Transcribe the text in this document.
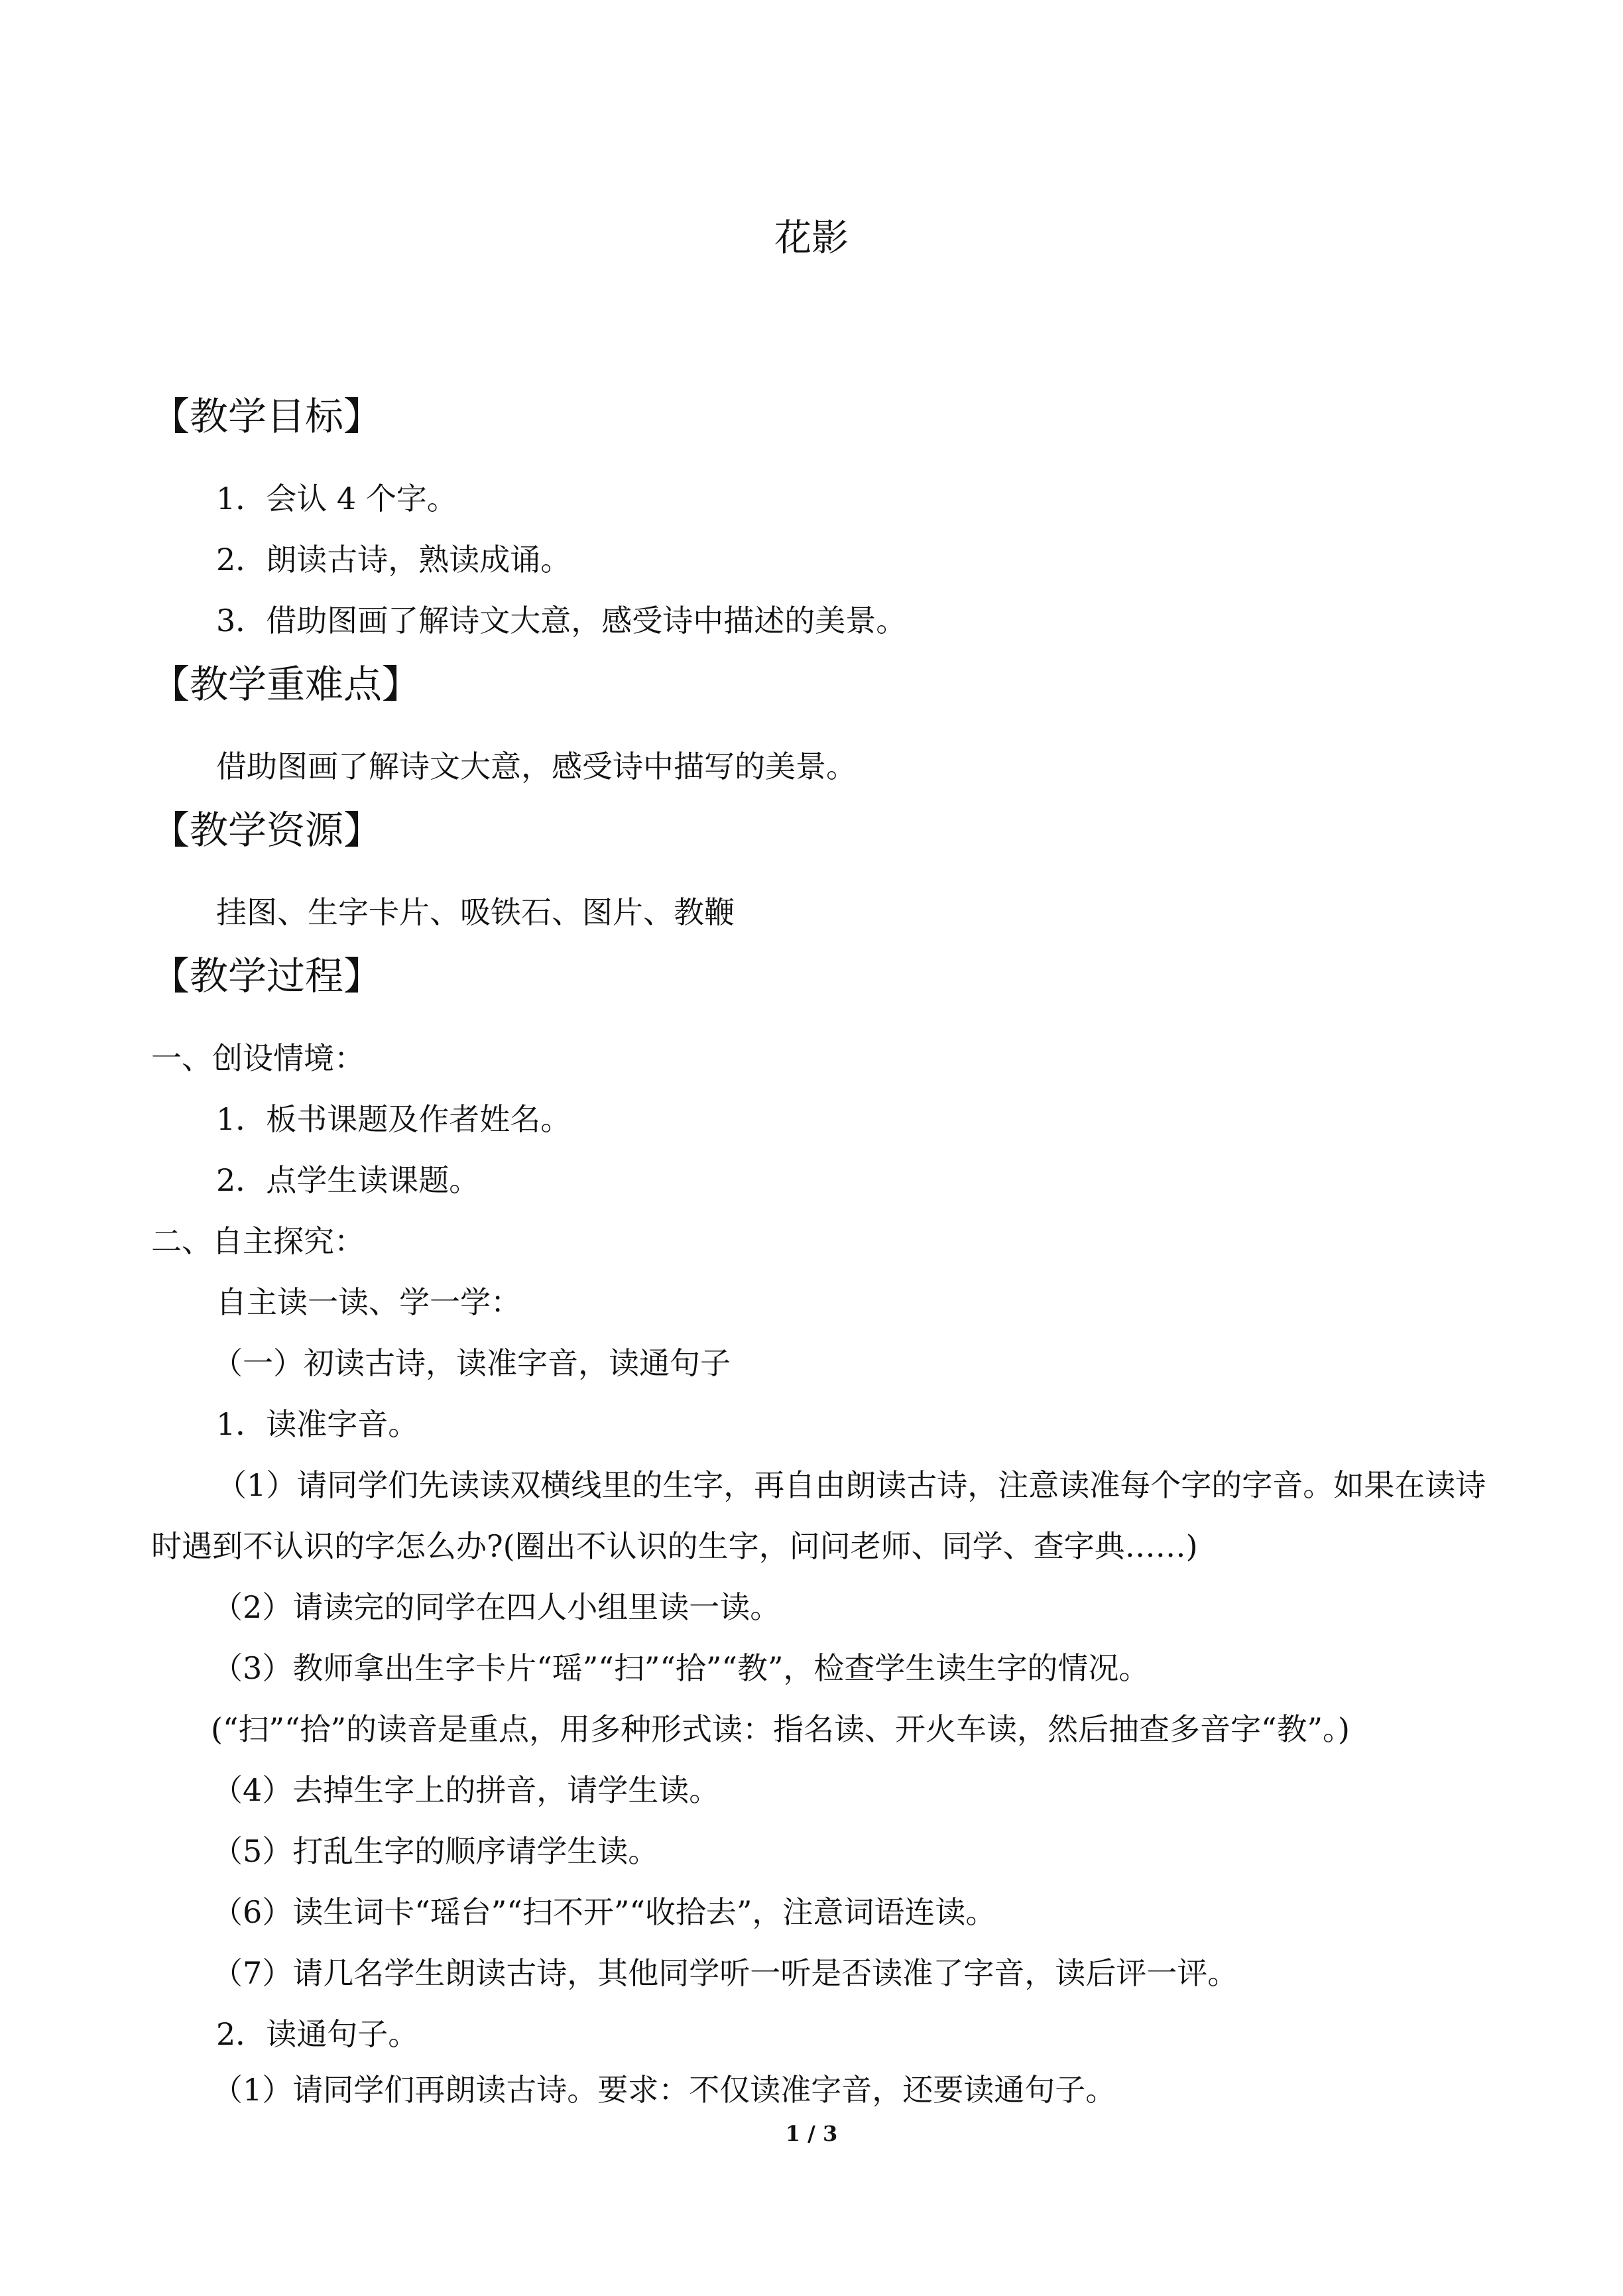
花影
【教学目标】
1．会认 4 个字。
2．朗读古诗，熟读成诵。
3．借助图画了解诗文大意，感受诗中描述的美景。
【教学重难点】
借助图画了解诗文大意，感受诗中描写的美景。
【教学资源】
挂图、生字卡片、吸铁石、图片、教鞭
【教学过程】
一、创设情境：
1．板书课题及作者姓名。
2．点学生读课题。
二、自主探究：
自主读一读、学一学：
（一）初读古诗，读准字音，读通句子
1．读准字音。
（1）请同学们先读读双横线里的生字，再自由朗读古诗，注意读准每个字的字音。如果在读诗时遇到不认识的字怎么办?(圈出不认识的生字，问问老师、同学、查字典……)
（2）请读完的同学在四人小组里读一读。
（3）教师拿出生字卡片“瑶”“扫”“拾”“教”，检查学生读生字的情况。
(“扫”“拾”的读音是重点，用多种形式读：指名读、开火车读，然后抽查多音字“教”。)
（4）去掉生字上的拼音，请学生读。
（5）打乱生字的顺序请学生读。
（6）读生词卡“瑶台”“扫不开”“收拾去”，注意词语连读。
（7）请几名学生朗读古诗，其他同学听一听是否读准了字音，读后评一评。
2．读通句子。
（1）请同学们再朗读古诗。要求：不仅读准字音，还要读通句子。
1 / 3
